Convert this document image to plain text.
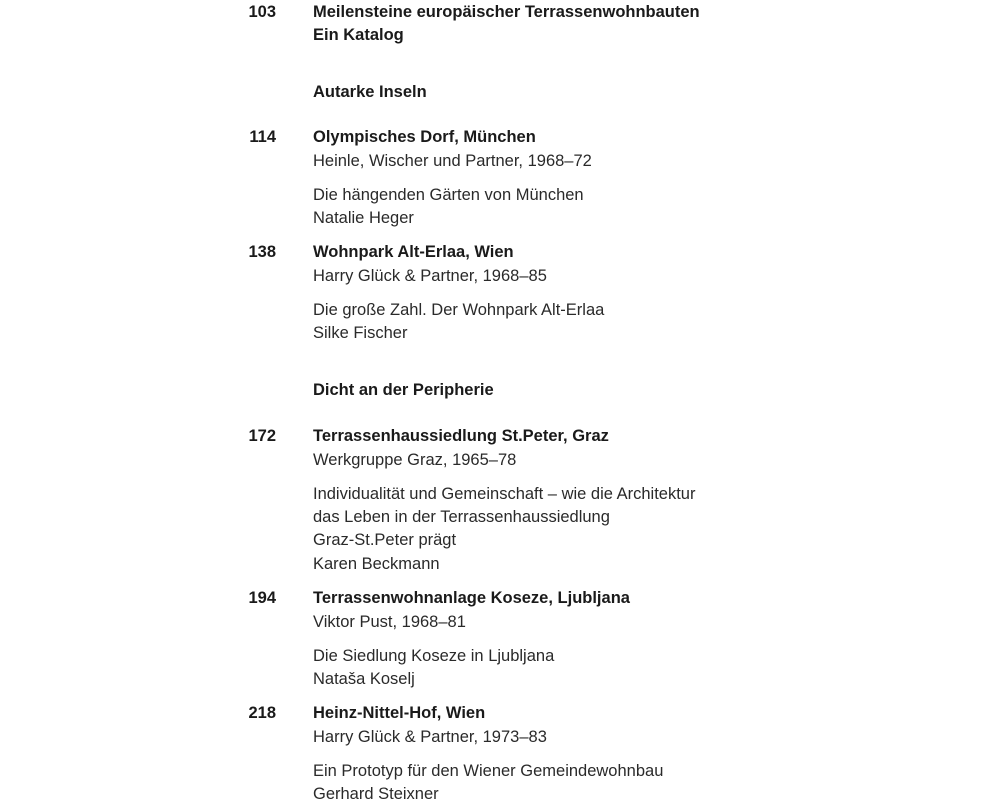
103 Meilensteine europäischer Terrassenwohnbauten
Ein Katalog
Autarke Inseln
114 Olympisches Dorf, München
Heinle, Wischer und Partner, 1968–72
Die hängenden Gärten von München
Natalie Heger
138 Wohnpark Alt-Erlaa, Wien
Harry Glück & Partner, 1968–85
Die große Zahl. Der Wohnpark Alt-Erlaa
Silke Fischer
Dicht an der Peripherie
172 Terrassenhaussiedlung St.Peter, Graz
Werkgruppe Graz, 1965–78
Individualität und Gemeinschaft – wie die Architektur
das Leben in der Terrassenhaussiedlung
Graz-St.Peter prägt
Karen Beckmann
194 Terrassenwohnanlage Koseze, Ljubljana
Viktor Pust, 1968–81
Die Siedlung Koseze in Ljubljana
Nataša Koselj
218 Heinz-Nittel-Hof, Wien
Harry Glück & Partner, 1973–83
Ein Prototyp für den Wiener Gemeindewohnbau
Gerhard Steixner
